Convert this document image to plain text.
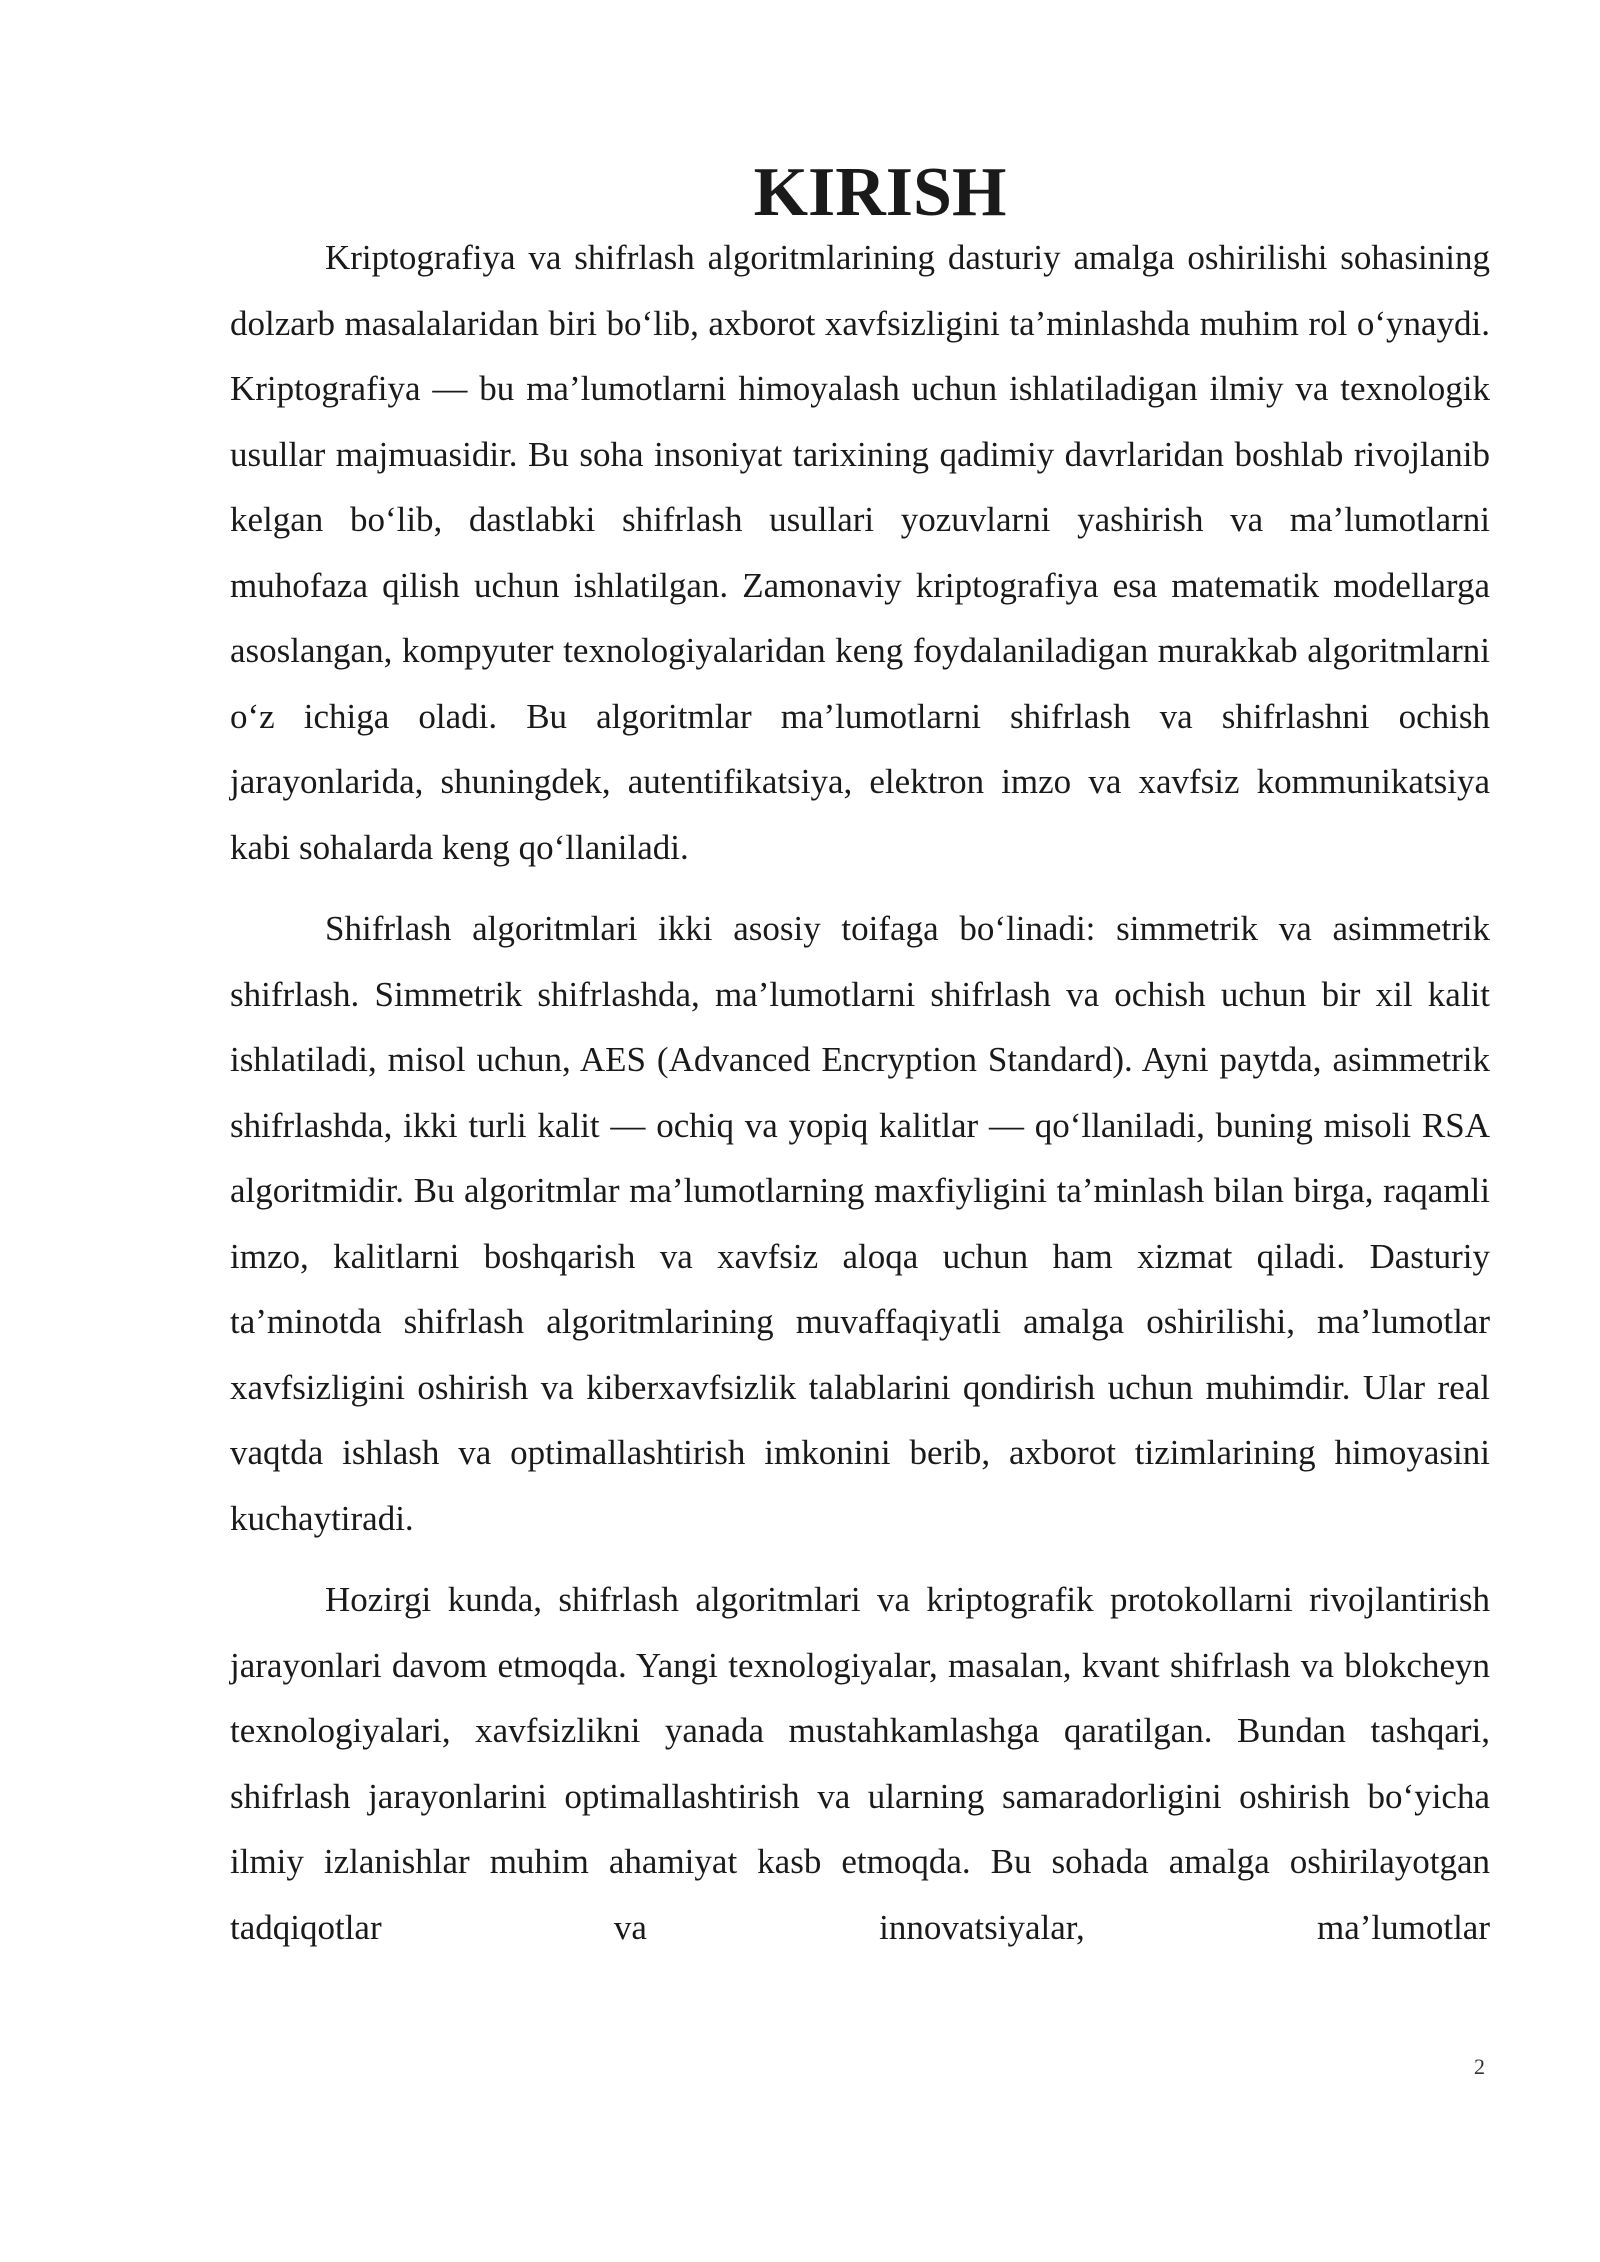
KIRISH

Kriptografiya va shifrlash algoritmlarining dasturiy amalga oshirilishi sohasining dolzarb masalalaridan biri bo‘lib, axborot xavfsizligini ta’minlashda muhim rol o‘ynaydi. Kriptografiya — bu ma’lumotlarni himoyalash uchun ishlatiladigan ilmiy va texnologik usullar majmuasidir. Bu soha insoniyat tarixining qadimiy davrlaridan boshlab rivojlanib kelgan bo‘lib, dastlabki shifrlash usullari yozuvlarni yashirish va ma’lumotlarni muhofaza qilish uchun ishlatilgan. Zamonaviy kriptografiya esa matematik modellarga asoslangan, kompyuter texnologiyalaridan keng foydalaniladigan murakkab algoritmlarni o‘z ichiga oladi. Bu algoritmlar ma’lumotlarni shifrlash va shifrlashni ochish jarayonlarida, shuningdek, autentifikatsiya, elektron imzo va xavfsiz kommunikatsiya kabi sohalarda keng qo‘llaniladi.

Shifrlash algoritmlari ikki asosiy toifaga bo‘linadi: simmetrik va asimmetrik shifrlash. Simmetrik shifrlashda, ma’lumotlarni shifrlash va ochish uchun bir xil kalit ishlatiladi, misol uchun, AES (Advanced Encryption Standard). Ayni paytda, asimmetrik shifrlashda, ikki turli kalit — ochiq va yopiq kalitlar — qo‘llaniladi, buning misoli RSA algoritmidir. Bu algoritmlar ma’lumotlarning maxfiyligini ta’minlash bilan birga, raqamli imzo, kalitlarni boshqarish va xavfsiz aloqa uchun ham xizmat qiladi. Dasturiy ta’minotda shifrlash algoritmlarining muvaffaqiyatli amalga oshirilishi, ma’lumotlar xavfsizligini oshirish va kiberxavfsizlik talablarini qondirish uchun muhimdir. Ular real vaqtda ishlash va optimallashtirish imkonini berib, axborot tizimlarining himoyasini kuchaytiradi.

Hozirgi kunda, shifrlash algoritmlari va kriptografik protokollarni rivojlantirish jarayonlari davom etmoqda. Yangi texnologiyalar, masalan, kvant shifrlash va blokcheyn texnologiyalari, xavfsizlikni yanada mustahkamlashga qaratilgan. Bundan tashqari, shifrlash jarayonlarini optimallashtirish va ularning samaradorligini oshirish bo‘yicha ilmiy izlanishlar muhim ahamiyat kasb etmoqda. Bu sohada amalga oshirilayotgan tadqiqotlar va innovatsiyalar, ma’lumotlar

2
